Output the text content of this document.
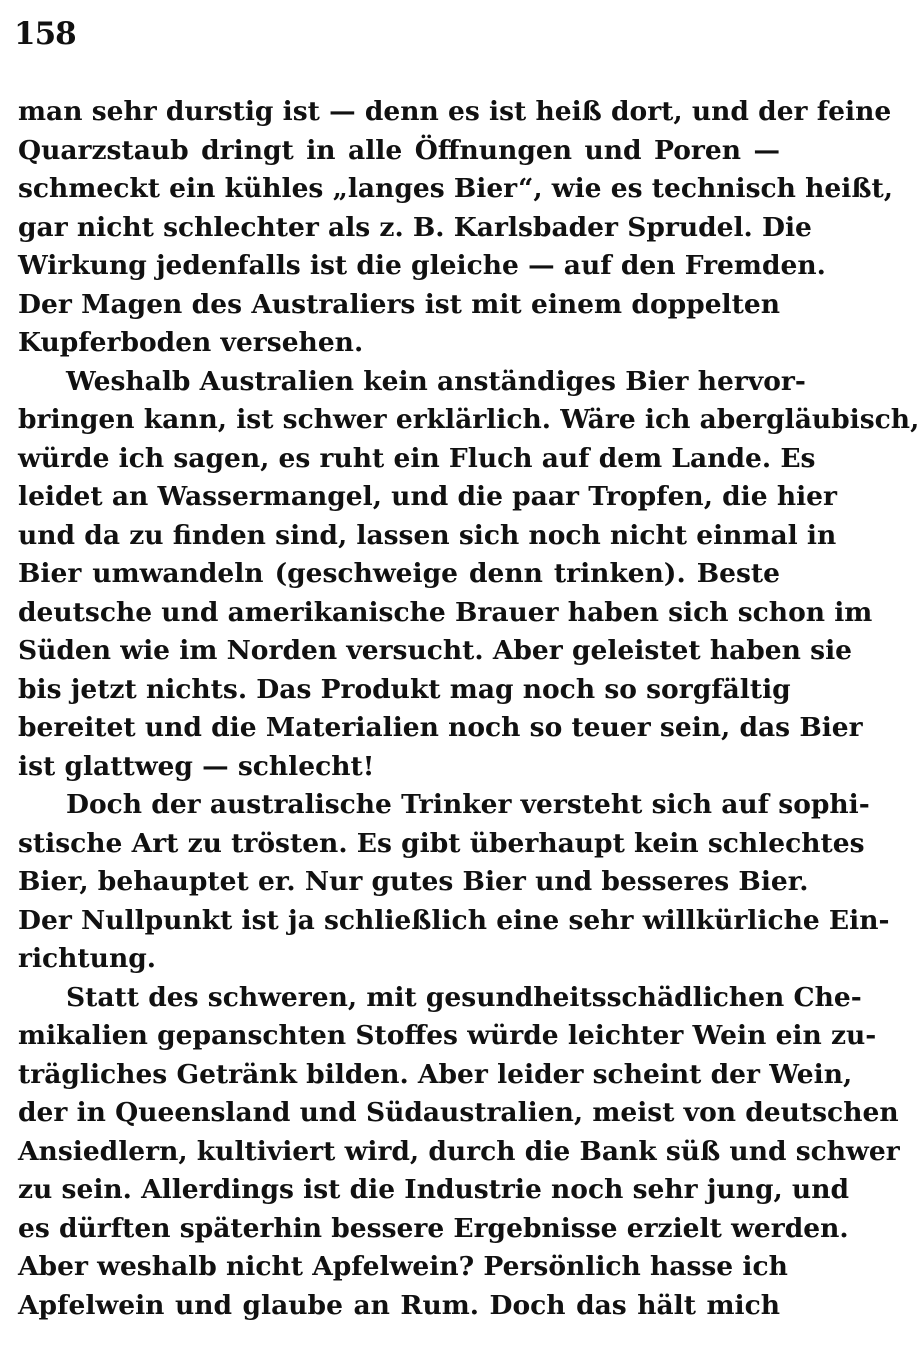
158
man sehr durstig ist — denn es ist heiß dort, und der feine
Quarzstaub dringt in alle Öffnungen und Poren —
schmeckt ein kühles „langes Bier“, wie es technisch heißt,
gar nicht schlechter als z. B. Karlsbader Sprudel. Die
Wirkung jedenfalls ist die gleiche — auf den Fremden.
Der Magen des Australiers ist mit einem doppelten
Kupferboden versehen.
Weshalb Australien kein anständiges Bier hervor-
bringen kann, ist schwer erklärlich. Wäre ich abergläubisch,
würde ich sagen, es ruht ein Fluch auf dem Lande. Es
leidet an Wassermangel, und die paar Tropfen, die hier
und da zu finden sind, lassen sich noch nicht einmal in
Bier umwandeln (geschweige denn trinken). Beste
deutsche und amerikanische Brauer haben sich schon im
Süden wie im Norden versucht. Aber geleistet haben sie
bis jetzt nichts. Das Produkt mag noch so sorgfältig
bereitet und die Materialien noch so teuer sein, das Bier
ist glattweg — schlecht!
Doch der australische Trinker versteht sich auf sophi-
stische Art zu trösten. Es gibt überhaupt kein schlechtes
Bier, behauptet er. Nur gutes Bier und besseres Bier.
Der Nullpunkt ist ja schließlich eine sehr willkürliche Ein-
richtung.
Statt des schweren, mit gesundheitsschädlichen Che-
mikalien gepanschten Stoffes würde leichter Wein ein zu-
trägliches Getränk bilden. Aber leider scheint der Wein,
der in Queensland und Südaustralien, meist von deutschen
Ansiedlern, kultiviert wird, durch die Bank süß und schwer
zu sein. Allerdings ist die Industrie noch sehr jung, und
es dürften späterhin bessere Ergebnisse erzielt werden.
Aber weshalb nicht Apfelwein? Persönlich hasse ich
Apfelwein und glaube an Rum. Doch das hält mich
